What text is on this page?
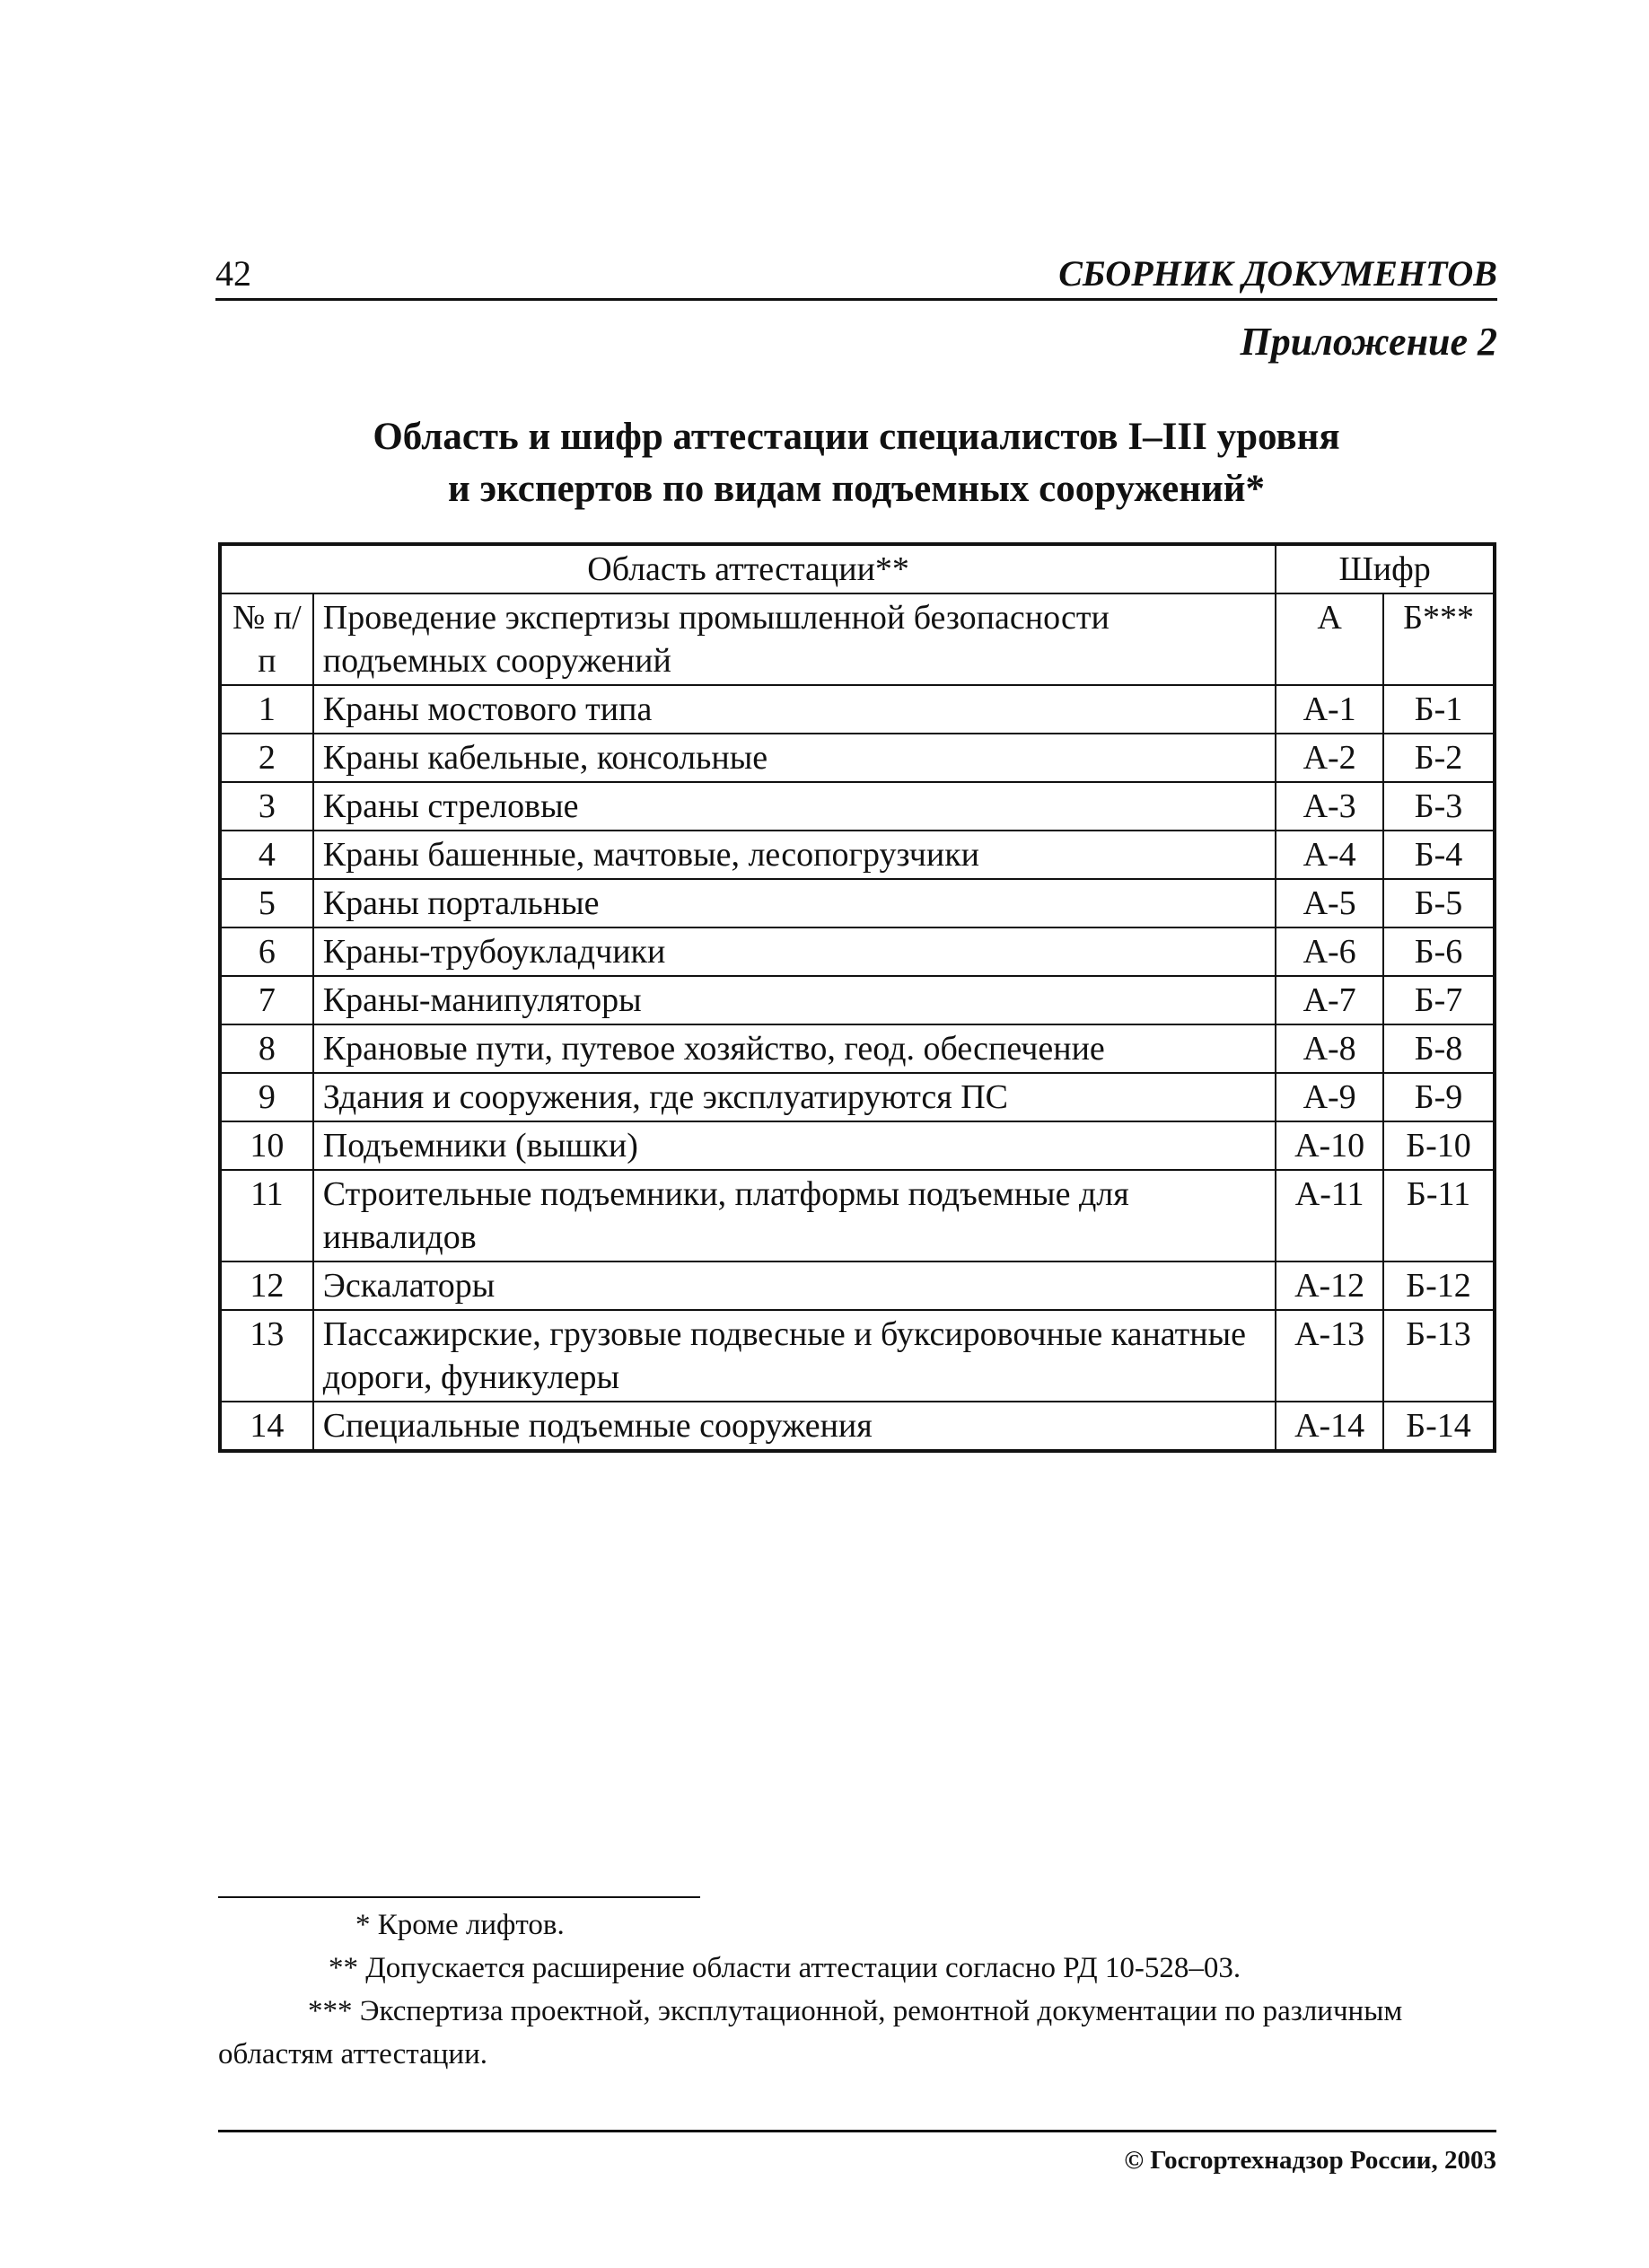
42	СБОРНИК ДОКУМЕНТОВ
Приложение 2
Область и шифр аттестации специалистов I–III уровня
и экспертов по видам подъемных сооружений*
Область аттестации**		Шифр	
№ п/п	Проведение экспертизы промышленной безопасности подъемных сооружений	А	Б***
1	Краны мостового типа	А-1	Б-1
2	Краны кабельные, консольные	А-2	Б-2
3	Краны стреловые	А-3	Б-3
4	Краны башенные, мачтовые, лесопогрузчики	А-4	Б-4
5	Краны портальные	А-5	Б-5
6	Краны-трубоукладчики	А-6	Б-6
7	Краны-манипуляторы	А-7	Б-7
8	Крановые пути, путевое хозяйство, геод. обеспечение	А-8	Б-8
9	Здания и сооружения, где эксплуатируются ПС	А-9	Б-9
10	Подъемники (вышки)	А-10	Б-10
11	Строительные подъемники, платформы подъемные для инвалидов	А-11	Б-11
12	Эскалаторы	А-12	Б-12
13	Пассажирские, грузовые подвесные и буксировочные канатные дороги, фуникулеры	А-13	Б-13
14	Специальные подъемные сооружения	А-14	Б-14

* Кроме лифтов.

** Допускается расширение области аттестации согласно РД 10-528–03.

*** Экспертиза проектной, эксплутационной, ремонтной документации по различным областям аттестации.

© Госгортехнадзор России, 2003
